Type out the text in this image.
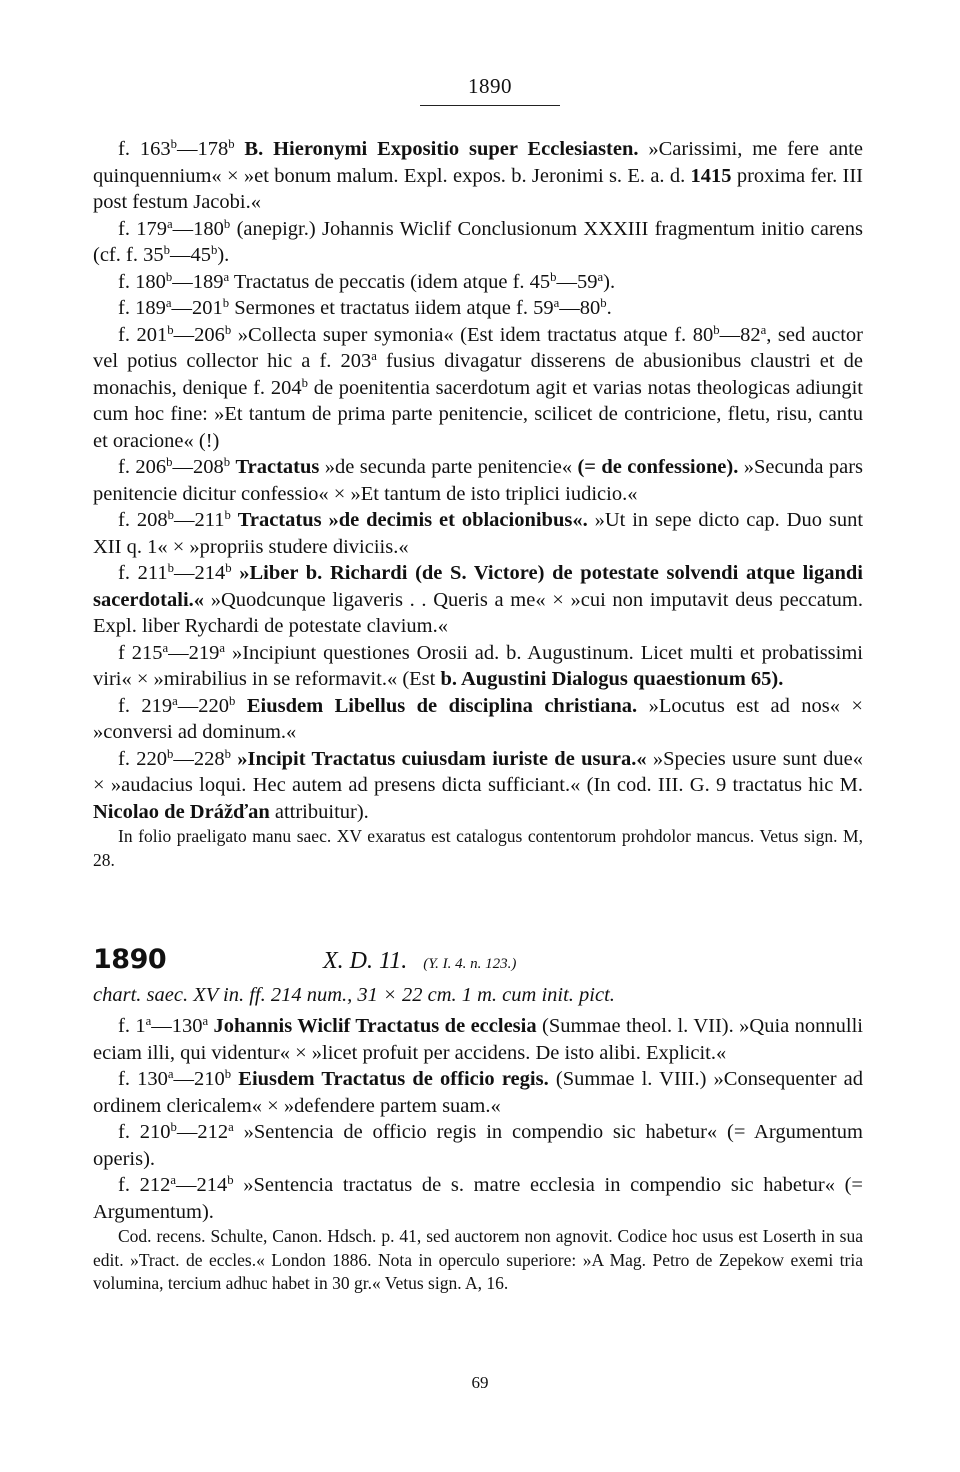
1890

f. 163$^b$—178$^b$ B. Hieronymi Expositio super Ecclesiasten. »Carissimi, me fere ante quinquennium« × »et bonum malum. Expl. expos. b. Jeronimi s. E. a. d. 1415 proxima fer. III post festum Jacobi.«

f. 179$^a$—180$^b$ (anepigr.) Johannis Wiclif Conclusionum XXXIII fragmentum initio carens (cf. f. 35$^b$—45$^b$).

f. 180$^b$—189$^a$ Tractatus de peccatis (idem atque f. 45$^b$—59$^a$).

f. 189$^a$—201$^b$ Sermones et tractatus iidem atque f. 59$^a$—80$^b$.

f. 201$^b$—206$^b$ »Collecta super symonia« (Est idem tractatus atque f. 80$^b$—82$^a$, sed auctor vel potius collector hic a f. 203$^a$ fusius divagatur disserens de abusionibus claustri et de monachis, denique f. 204$^b$ de poenitentia sacerdotum agit et varias notas theologicas adiungit cum hoc fine: »Et tantum de prima parte penitencie, scilicet de contricione, fletu, risu, cantu et oracione« (!)

f. 206$^b$—208$^b$ Tractatus »de secunda parte penitencie« (= de confessione). »Secunda pars penitencie dicitur confessio« × »Et tantum de isto triplici iudicio.«

f. 208$^b$—211$^b$ Tractatus »de decimis et oblacionibus«. »Ut in sepe dicto cap. Duo sunt XII q. 1« × »propriis studere diviciis.«

f. 211$^b$—214$^b$ »Liber b. Richardi (de S. Victore) de potestate solvendi atque ligandi sacerdotali.« »Quodcunque ligaveris . . Queris a me« × »cui non imputavit deus peccatum. Expl. liber Rychardi de potestate clavium.«

f 215$^a$—219$^a$ »Incipiunt questiones Orosii ad. b. Augustinum. Licet multi et probatissimi viri« × »mirabilius in se reformavit.« (Est b. Augustini Dialogus quaestionum 65).

f. 219$^a$—220$^b$ Eiusdem Libellus de disciplina christiana. »Locutus est ad nos« × »conversi ad dominum.«

f. 220$^b$—228$^b$ »Incipit Tractatus cuiusdam iuriste de usura.« »Species usure sunt due« × »audacius loqui. Hec autem ad presens dicta sufficiant.« (In cod. III. G. 9 tractatus hic M. Nicolao de Drážďan attribuitur).

In folio praeligato manu saec. XV exaratus est catalogus contentorum prohdolor mancus. Vetus sign. M, 28.

1890	X. D. 11. (Y. I. 4. n. 123.)
chart. saec. XV in. ff. 214 num., 31 × 22 cm. 1 m. cum init. pict.

f. 1$^a$—130$^a$ Johannis Wiclif Tractatus de ecclesia (Summae theol. l. VII). »Quia nonnulli eciam illi, qui videntur« × »licet profuit per accidens. De isto alibi. Explicit.«

f. 130$^a$—210$^b$ Eiusdem Tractatus de officio regis. (Summae l. VIII.) »Consequenter ad ordinem clericalem« × »defendere partem suam.«

f. 210$^b$—212$^a$ »Sentencia de officio regis in compendio sic habetur« (= Argumentum operis).

f. 212$^a$—214$^b$ »Sentencia tractatus de s. matre ecclesia in compendio sic habetur« (= Argumentum).

Cod. recens. Schulte, Canon. Hdsch. p. 41, sed auctorem non agnovit. Codice hoc usus est Loserth in sua edit. »Tract. de eccles.« London 1886. Nota in operculo superiore: »A Mag. Petro de Zepekow exemi tria volumina, tercium adhuc habet in 30 gr.« Vetus sign. A, 16.

69
